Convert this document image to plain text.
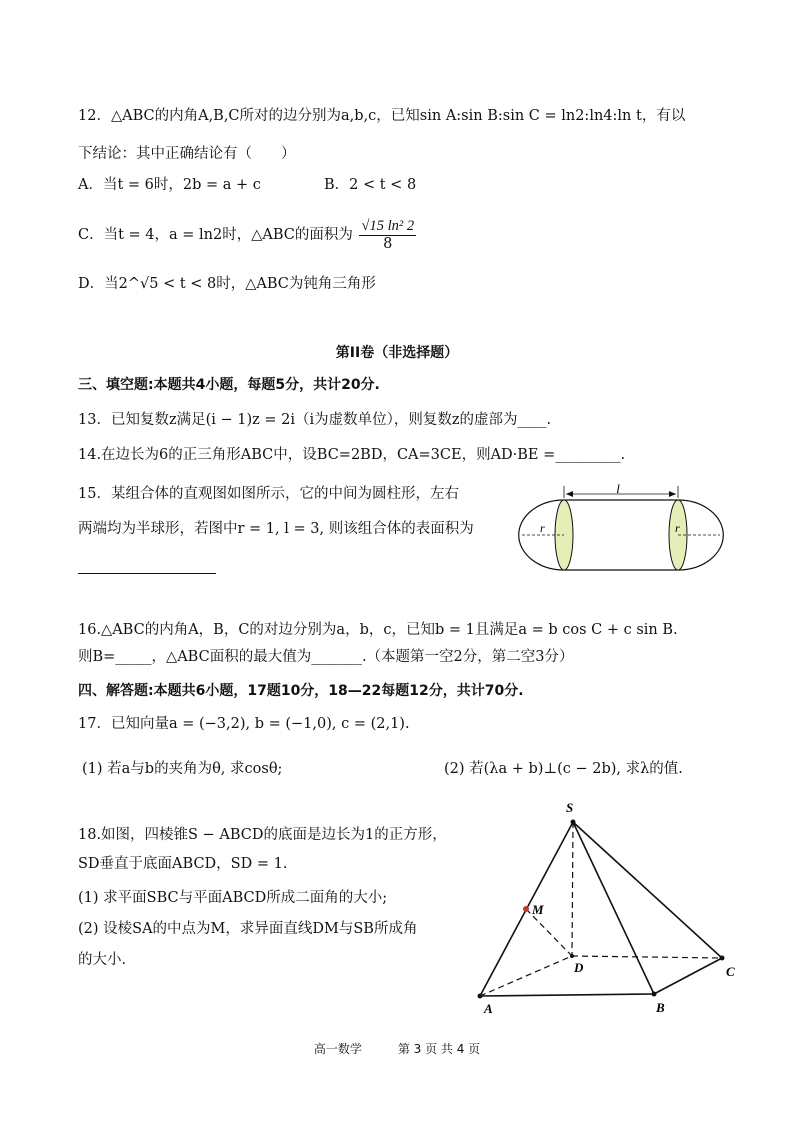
12．△ABC的内角A,B,C所对的边分别为a,b,c，已知sin A:sin B:sin C = ln2:ln4:ln t，有以
下结论：其中正确结论有（　　）
A．当t = 6时，2b = a + c	B．2 < t < 8
C．当t = 4，a = ln2时，△ABC的面积为 $\frac{\text{√15 ln² 2}}{8}$
D．当2^√5 < t < 8时，△ABC为钝角三角形
第II卷（非选择题）
三、填空题:本题共4小题，每题5分，共计20分.
13．已知复数z满足(i − 1)z = 2i（i为虚数单位），则复数z的虚部为____.
14.在边长为6的正三角形ABC中，设BC=2BD，CA=3CE，则AD·BE =_________.
15．某组合体的直观图如图所示，它的中间为圆柱形，左右
两端均为半球形，若图中r = 1, l = 3, 则该组合体的表面积为
l
r	r
16.△ABC的内角A，B，C的对边分别为a，b，c，已知b = 1且满足a = b cos C + c sin B.
则B=_____，△ABC面积的最大值为_______.（本题第一空2分，第二空3分）
四、解答题:本题共6小题，17题10分，18—22每题12分，共计70分.
17．已知向量a = (−3,2), b = (−1,0), c = (2,1).
(1) 若a与b的夹角为θ, 求cosθ;	(2) 若(λa + b)⊥(c − 2b), 求λ的值.
18.如图，四棱锥S − ABCD的底面是边长为1的正方形，
SD垂直于底面ABCD，SD = 1.
(1) 求平面SBC与平面ABCD所成二面角的大小;
(2) 设棱SA的中点为M，求异面直线DM与SB所成角
的大小.
S
M
D
A	B
C
高一数学　　　第 3 页 共 4 页
